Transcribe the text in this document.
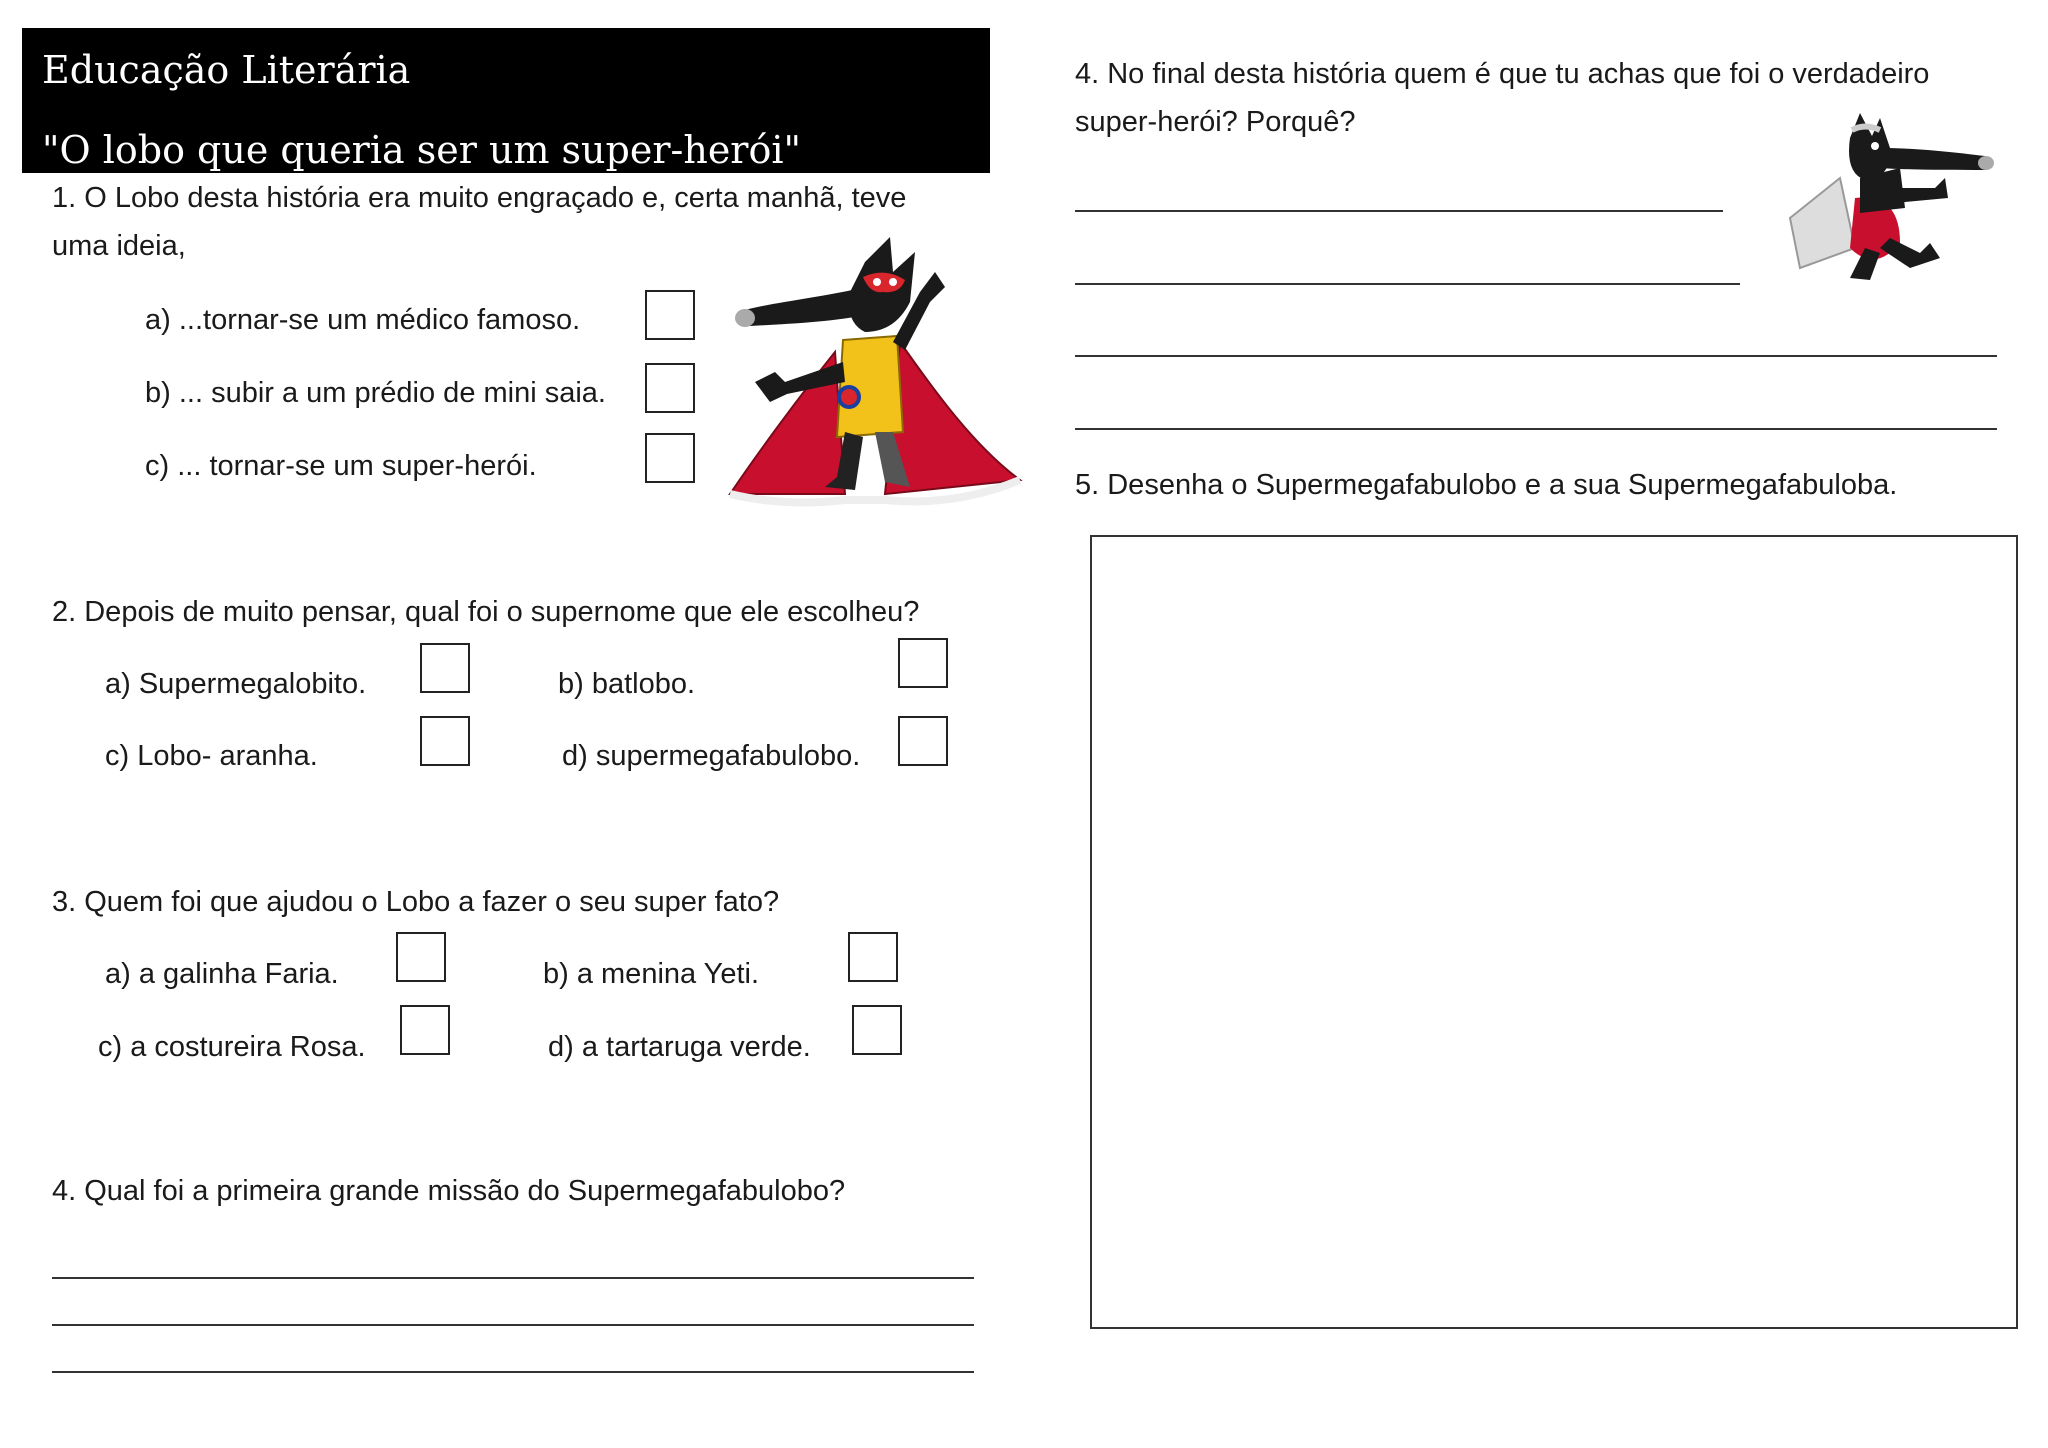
Educação Literária
"O lobo que queria ser um super-herói"
1. O Lobo desta história era muito engraçado e, certa manhã, teve
uma ideia,
a) ...tornar-se um médico famoso.
b) ... subir a um prédio de mini saia.
c) ... tornar-se um super-herói.
2. Depois de muito pensar, qual foi o supernome que ele escolheu?
a) Supermegalobito.	b) batlobo.
c) Lobo- aranha.	d) supermegafabulobo.
3. Quem foi que ajudou o Lobo a fazer o seu super fato?
a) a galinha Faria.	b) a menina Yeti.
c) a costureira Rosa.	d) a tartaruga verde.
4. Qual foi a primeira grande missão do Supermegafabulobo?
4. No final desta história quem é que tu achas que foi o verdadeiro
super-herói? Porquê?
5. Desenha o Supermegafabulobo e a sua Supermegafabuloba.
